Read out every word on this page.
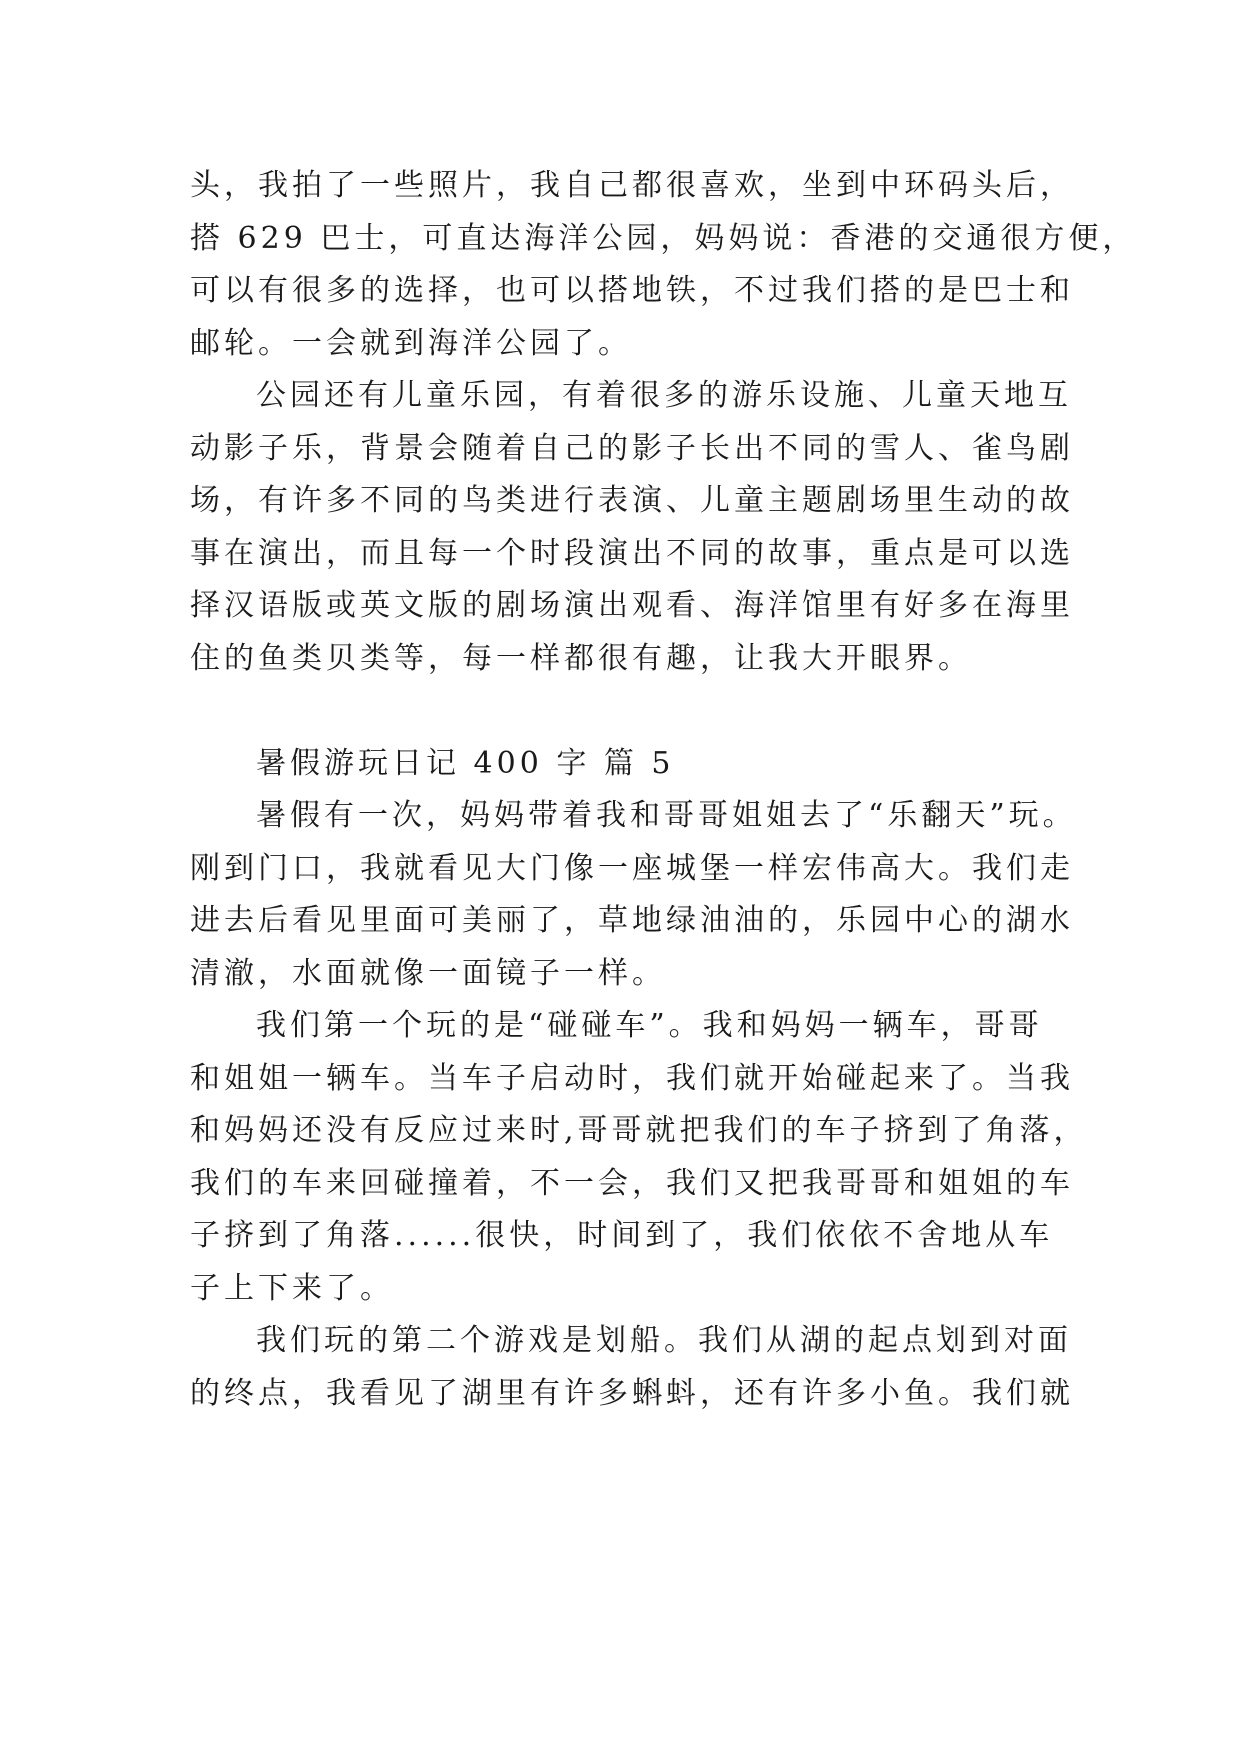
头，我拍了一些照片，我自己都很喜欢，坐到中环码头后，
搭 629 巴士，可直达海洋公园，妈妈说：香港的交通很方便，
可以有很多的选择，也可以搭地铁，不过我们搭的是巴士和
邮轮。一会就到海洋公园了。
公园还有儿童乐园，有着很多的游乐设施、儿童天地互
动影子乐，背景会随着自己的影子长出不同的雪人、雀鸟剧
场，有许多不同的鸟类进行表演、儿童主题剧场里生动的故
事在演出，而且每一个时段演出不同的故事，重点是可以选
择汉语版或英文版的剧场演出观看、海洋馆里有好多在海里
住的鱼类贝类等，每一样都很有趣，让我大开眼界。
暑假游玩日记 400 字 篇 5
暑假有一次，妈妈带着我和哥哥姐姐去了“乐翻天”玩。
刚到门口，我就看见大门像一座城堡一样宏伟高大。我们走
进去后看见里面可美丽了，草地绿油油的，乐园中心的湖水
清澈，水面就像一面镜子一样。
我们第一个玩的是“碰碰车”。我和妈妈一辆车，哥哥
和姐姐一辆车。当车子启动时，我们就开始碰起来了。当我
和妈妈还没有反应过来时,哥哥就把我们的车子挤到了角落，
我们的车来回碰撞着，不一会，我们又把我哥哥和姐姐的车
子挤到了角落......很快，时间到了，我们依依不舍地从车
子上下来了。
我们玩的第二个游戏是划船。我们从湖的起点划到对面
的终点，我看见了湖里有许多蝌蚪，还有许多小鱼。我们就
